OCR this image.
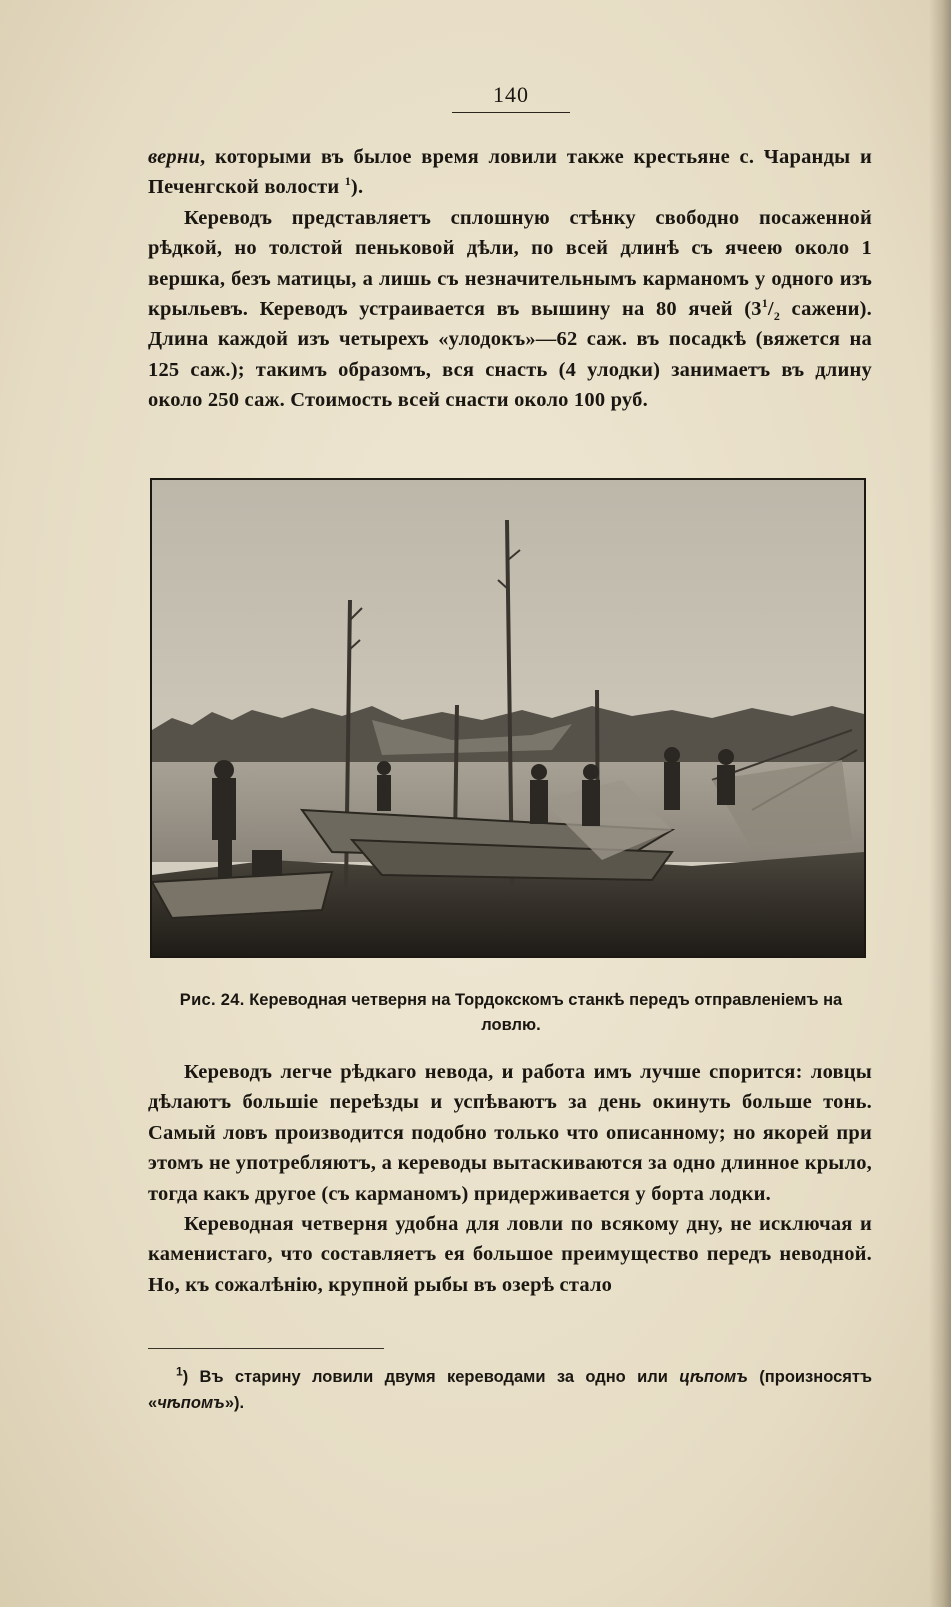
140

верни, которыми въ былое время ловили также крестьяне с. Чаранды и Печенгской волости $^1$).

Кереводъ представляетъ сплошную стѣнку свободно посаженной рѣдкой, но толстой пеньковой дѣли, по всей длинѣ съ ячеею около 1 вершка, безъ матицы, а лишь съ незначительнымъ карманомъ у одного изъ крыльевъ. Кереводъ устраивается въ вышину на 80 ячей ($3^1/_2$ сажени). Длина каждой изъ четырехъ «улодокъ»—62 саж. въ посадкѣ (вяжется на 125 саж.); такимъ образомъ, вся снасть (4 улодки) занимаетъ въ длину около 250 саж. Стоимость всей снасти около 100 руб.

Рис. 24. Кереводная четверня на Тордокскомъ станкѣ передъ отправленiемъ на ловлю.

Кереводъ легче рѣдкаго невода, и работа имъ лучше спорится: ловцы дѣлаютъ большiе переѣзды и успѣваютъ за день окинуть больше тонь. Самый ловъ производится подобно только что описанному; но якорей при этомъ не употребляютъ, а кереводы вытаскиваются за одно длинное крыло, тогда какъ другое (съ карманомъ) придерживается у борта лодки.

Кереводная четверня удобна для ловли по всякому дну, не исключая и каменистаго, что составляетъ ея большое преимущество передъ неводной. Но, къ сожалѣнiю, крупной рыбы въ озерѣ стало

$^1$) Въ старину ловили двумя кереводами за одно или цѣпомъ (произносятъ «чѣпомъ»).
